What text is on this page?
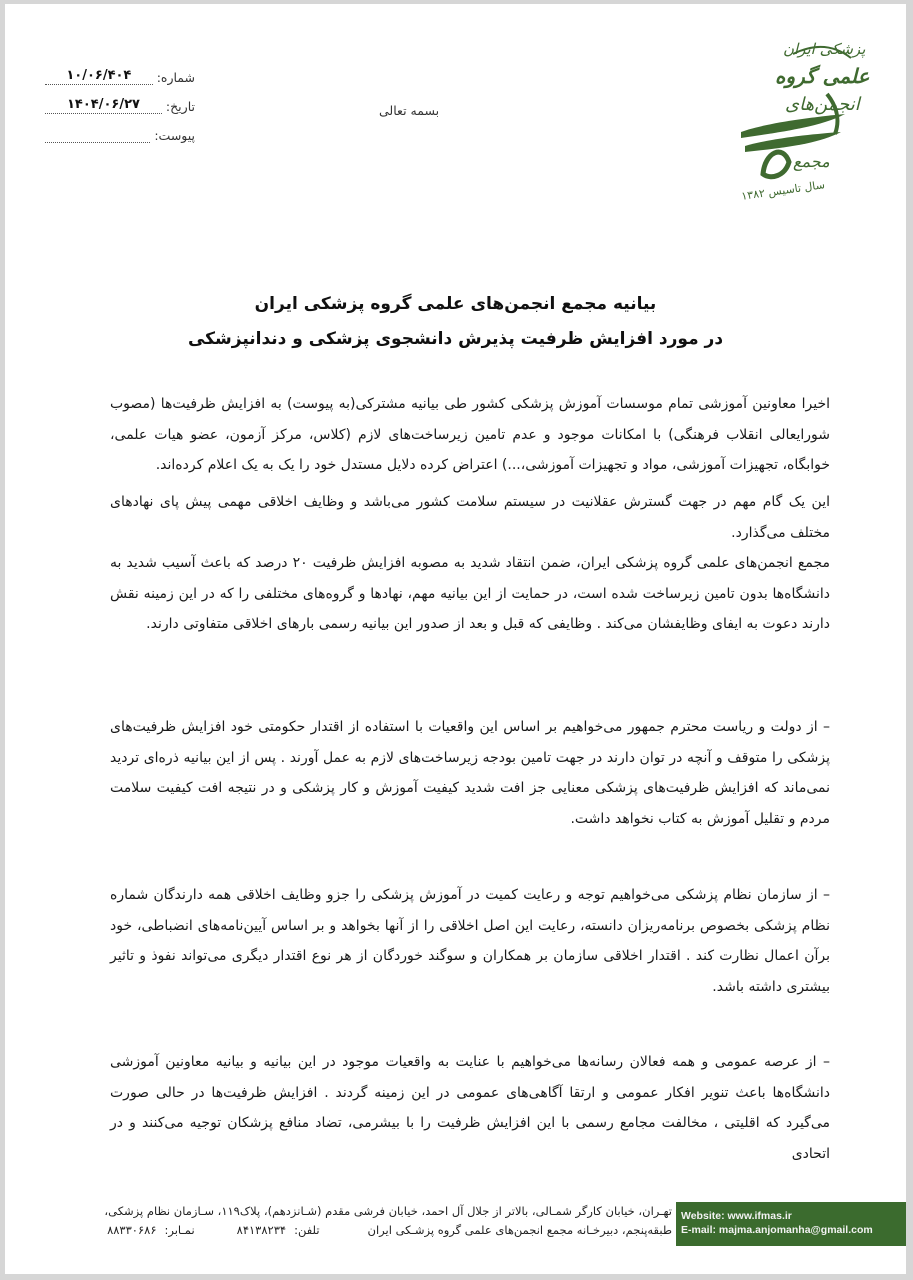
شماره:
۱۰/۰۶/۴۰۴
تاریخ:
۱۴۰۴/۰۶/۲۷
پیوست:
بسمه تعالی
پزشکی ایران
علمی گروه
انجمن‌های
مجمع
سال تاسیس ۱۳۸۲
بیانیه مجمع انجمن‌های علمی گروه پزشکی ایران
در مورد افزایش ظرفیت پذیرش دانشجوی پزشکی و دندانپزشکی

اخیرا معاونین آموزشی تمام موسسات آموزش پزشکی کشور طی بیانیه مشترکی(به پیوست) به افزایش ظرفیت‌ها (مصوب شورایعالی انقلاب فرهنگی) با امکانات موجود و عدم تامین زیرساخت‌های لازم (کلاس، مرکز آزمون، عضو هیات علمی، خوابگاه، تجهیزات آموزشی، مواد و تجهیزات آموزشی،...) اعتراض کرده دلایل مستدل خود را یک به یک اعلام کرده‌اند.

این یک گام مهم در جهت گسترش عقلانیت در سیستم سلامت کشور می‌باشد و وظایف اخلاقی مهمی پیش پای نهادهای مختلف می‌گذارد.

مجمع انجمن‌های علمی گروه پزشکی ایران، ضمن انتقاد شدید به مصوبه افزایش ظرفیت ۲۰ درصد که باعث آسیب شدید به دانشگاه‌ها بدون تامین زیرساخت شده است، در حمایت از این بیانیه مهم، نهادها و گروه‌های مختلفی را که در این زمینه نقش دارند دعوت به ایفای وظایفشان می‌کند . وظایفی که قبل و بعد از صدور این بیانیه رسمی بارهای اخلاقی متفاوتی دارند.

– از دولت و ریاست محترم جمهور می‌خواهیم بر اساس این واقعیات با استفاده از اقتدار حکومتی خود افزایش ظرفیت‌های پزشکی را متوقف و آنچه در توان دارند در جهت تامین بودجه زیرساخت‌های لازم به عمل آورند . پس از این بیانیه ذره‌ای تردید نمی‌ماند که افزایش ظرفیت‌های پزشکی معنایی جز افت شدید کیفیت آموزش و کار پزشکی و در نتیجه افت کیفیت سلامت مردم و تقلیل آموزش به کتاب نخواهد داشت.

– از سازمان نظام پزشکی می‌خواهیم توجه و رعایت کمیت در آموزش پزشکی را جزو وظایف اخلاقی همه دارندگان شماره نظام پزشکی بخصوص برنامه‌ریزان دانسته، رعایت این اصل اخلاقی را از آنها بخواهد و بر اساس آیین‌نامه‌های انضباطی، خود برآن اعمال نظارت کند . اقتدار اخلاقی سازمان بر همکاران و سوگند خوردگان از هر نوع اقتدار دیگری می‌تواند نفوذ و تاثیر بیشتری داشته باشد.

– از عرصه عمومی و همه فعالان رسانه‌ها می‌خواهیم با عنایت به واقعیات موجود در این بیانیه و بیانیه معاونین آموزشی دانشگاه‌ها باعث تنویر افکار عمومی و ارتقا آگاهی‌های عمومی در این زمینه گردند . افزایش ظرفیت‌ها در حالی صورت می‌گیرد که اقلیتی ، مخالفت مجامع رسمی با این افزایش ظرفیت را با بیشرمی، تضاد منافع پزشکان توجیه می‌کنند و در اتحادی

تهـران، خیابان کارگر شمـالی، بالاتر از جلال آل احمد، خیابان فرشی مقدم (شـانزدهم)، پلاک۱۱۹، سـازمان نظام پزشکی،
طبقه‌پنجم، دبیرخـانه مجمع انجمن‌های علمی گروه پزشـکی ایران
تلفن:
۸۴۱۳۸۲۳۴
نمـابر:
۸۸۳۳۰۶۸۶
Website: www.ifmas.ir
E-mail: majma.anjomanha@gmail.com
